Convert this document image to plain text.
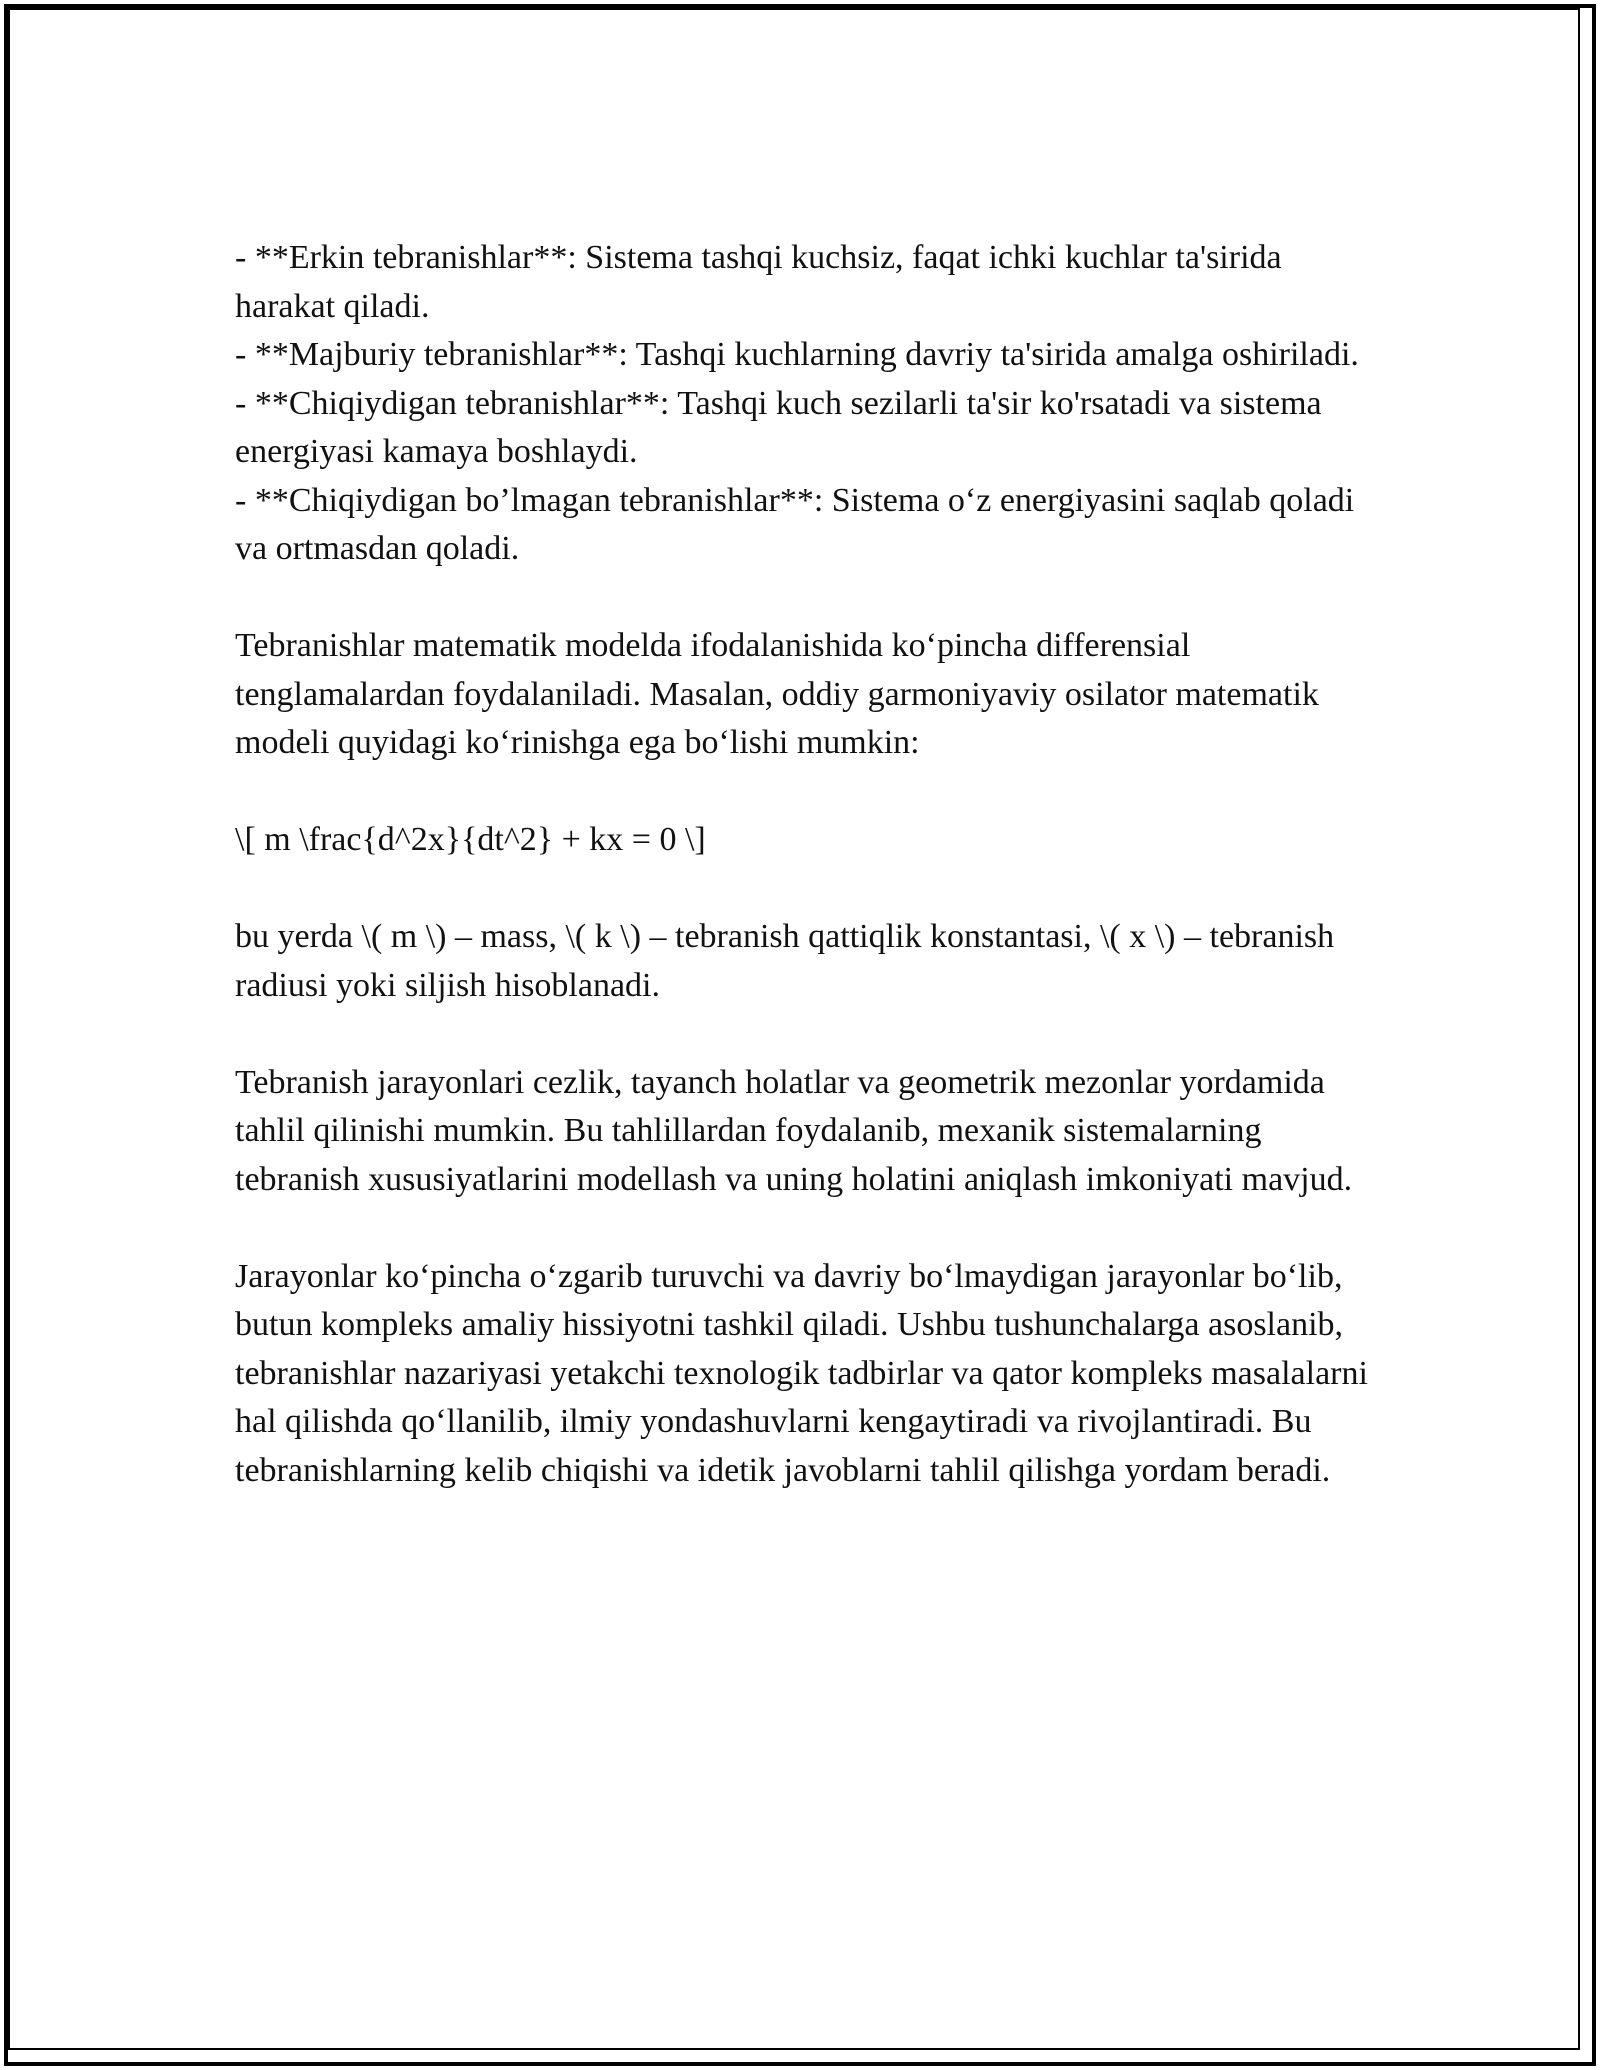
- **Erkin tebranishlar**: Sistema tashqi kuchsiz, faqat ichki kuchlar ta'sirida harakat qiladi.

- **Majburiy tebranishlar**: Tashqi kuchlarning davriy ta'sirida amalga oshiriladi.

- **Chiqiydigan tebranishlar**: Tashqi kuch sezilarli ta'sir ko'rsatadi va sistema energiyasi kamaya boshlaydi.

- **Chiqiydigan bo’lmagan tebranishlar**: Sistema o‘z energiyasini saqlab qoladi va ortmasdan qoladi.

Tebranishlar matematik modelda ifodalanishida ko‘pincha differensial tenglamalardan foydalaniladi. Masalan, oddiy garmoniyaviy osilator matematik modeli quyidagi ko‘rinishga ega bo‘lishi mumkin:

\[ m \frac{d^2x}{dt^2} + kx = 0 \]

bu yerda \( m \) – mass, \( k \) – tebranish qattiqlik konstantasi, \( x \) – tebranish radiusi yoki siljish hisoblanadi.

Tebranish jarayonlari cezlik, tayanch holatlar va geometrik mezonlar yordamida tahlil qilinishi mumkin. Bu tahlillardan foydalanib, mexanik sistemalarning tebranish xususiyatlarini modellash va uning holatini aniqlash imkoniyati mavjud.

Jarayonlar ko‘pincha o‘zgarib turuvchi va davriy bo‘lmaydigan jarayonlar bo‘lib, butun kompleks amaliy hissiyotni tashkil qiladi. Ushbu tushunchalarga asoslanib, tebranishlar nazariyasi yetakchi texnologik tadbirlar va qator kompleks masalalarni hal qilishda qo‘llanilib, ilmiy yondashuvlarni kengaytiradi va rivojlantiradi. Bu tebranishlarning kelib chiqishi va idetik javoblarni tahlil qilishga yordam beradi.
